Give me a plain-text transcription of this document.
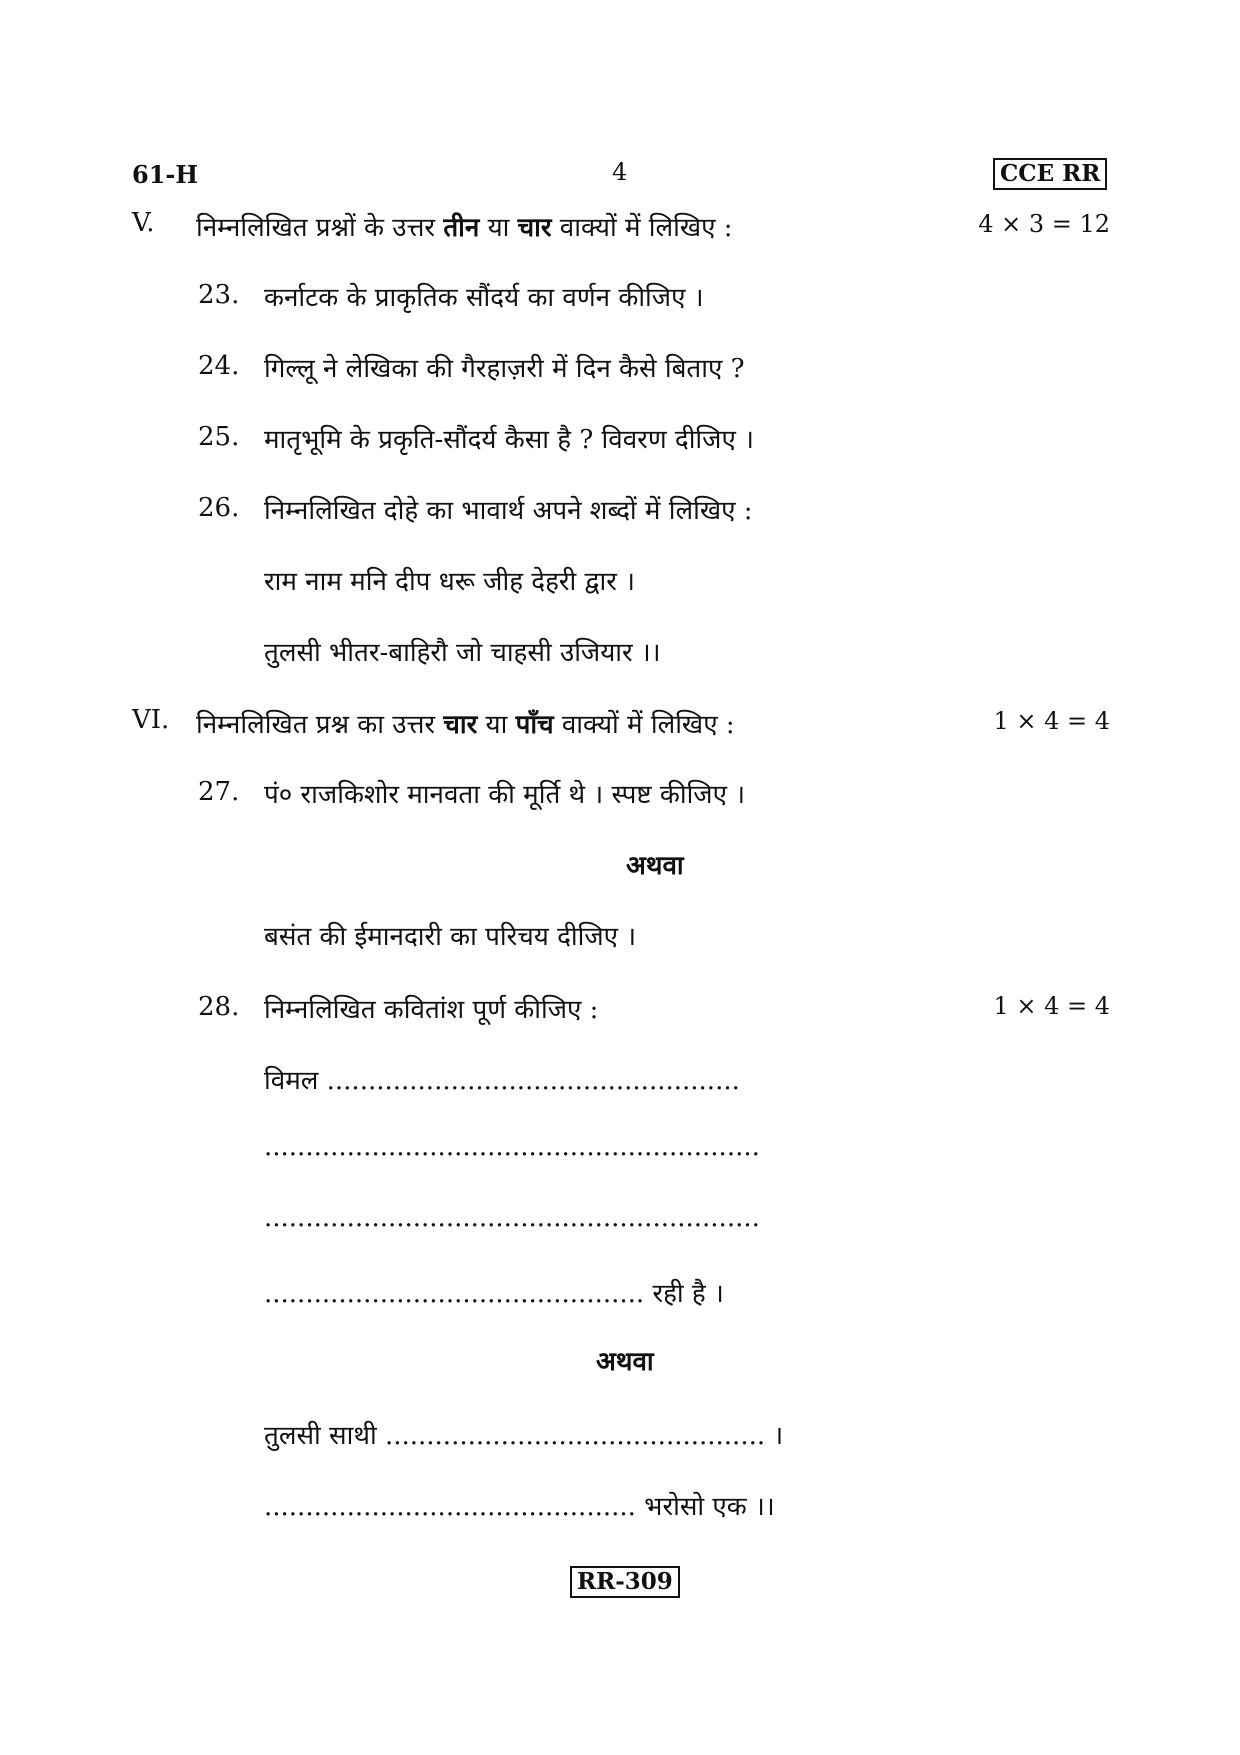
61-H	4	CCE RR
V. निम्नलिखित प्रश्नों के उत्तर तीन या चार वाक्यों में लिखिए :	4 × 3 = 12
23. कर्नाटक के प्राकृतिक सौंदर्य का वर्णन कीजिए ।
24. गिल्लू ने लेखिका की गैरहाज़री में दिन कैसे बिताए ?
25. मातृभूमि के प्रकृति-सौंदर्य कैसा है ? विवरण दीजिए ।
26. निम्नलिखित दोहे का भावार्थ अपने शब्दों में लिखिए :
राम नाम मनि दीप धरू जीह देहरी द्वार ।
तुलसी भीतर-बाहिरौ जो चाहसी उजियार ।।
VI. निम्नलिखित प्रश्न का उत्तर चार या पाँच वाक्यों में लिखिए :	1 × 4 = 4
27. पं० राजकिशोर मानवता की मूर्ति थे । स्पष्ट कीजिए ।
अथवा
बसंत की ईमानदारी का परिचय दीजिए ।
28. निम्नलिखित कवितांश पूर्ण कीजिए :	1 × 4 = 4
विमल ..................................................
............................................................
............................................................
.............................................. रही है ।
अथवा
तुलसी साथी .............................................. ।
............................................. भरोसो एक ।।
RR-309
